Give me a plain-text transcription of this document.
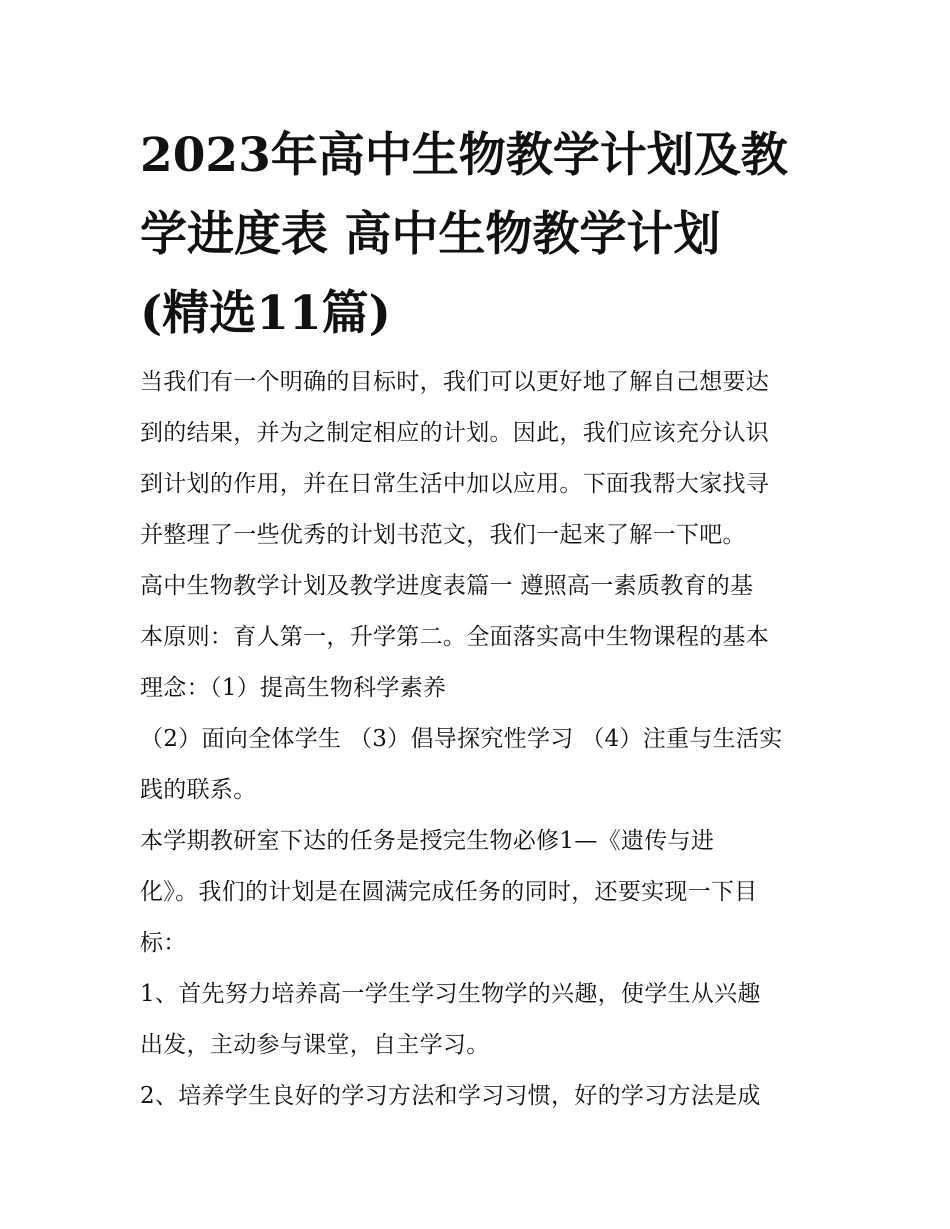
2023年高中生物教学计划及教
学进度表 高中生物教学计划
(精选11篇)
当我们有一个明确的目标时，我们可以更好地了解自己想要达
到的结果，并为之制定相应的计划。因此，我们应该充分认识
到计划的作用，并在日常生活中加以应用。下面我帮大家找寻
并整理了一些优秀的计划书范文，我们一起来了解一下吧。
高中生物教学计划及教学进度表篇一 遵照高一素质教育的基
本原则：育人第一，升学第二。全面落实高中生物课程的基本
理念：（1）提高生物科学素养
（2）面向全体学生 （3）倡导探究性学习 （4）注重与生活实
践的联系。
本学期教研室下达的任务是授完生物必修1—《遗传与进
化》。我们的计划是在圆满完成任务的同时，还要实现一下目
标：
1、首先努力培养高一学生学习生物学的兴趣，使学生从兴趣
出发，主动参与课堂，自主学习。
2、培养学生良好的学习方法和学习习惯，好的学习方法是成
